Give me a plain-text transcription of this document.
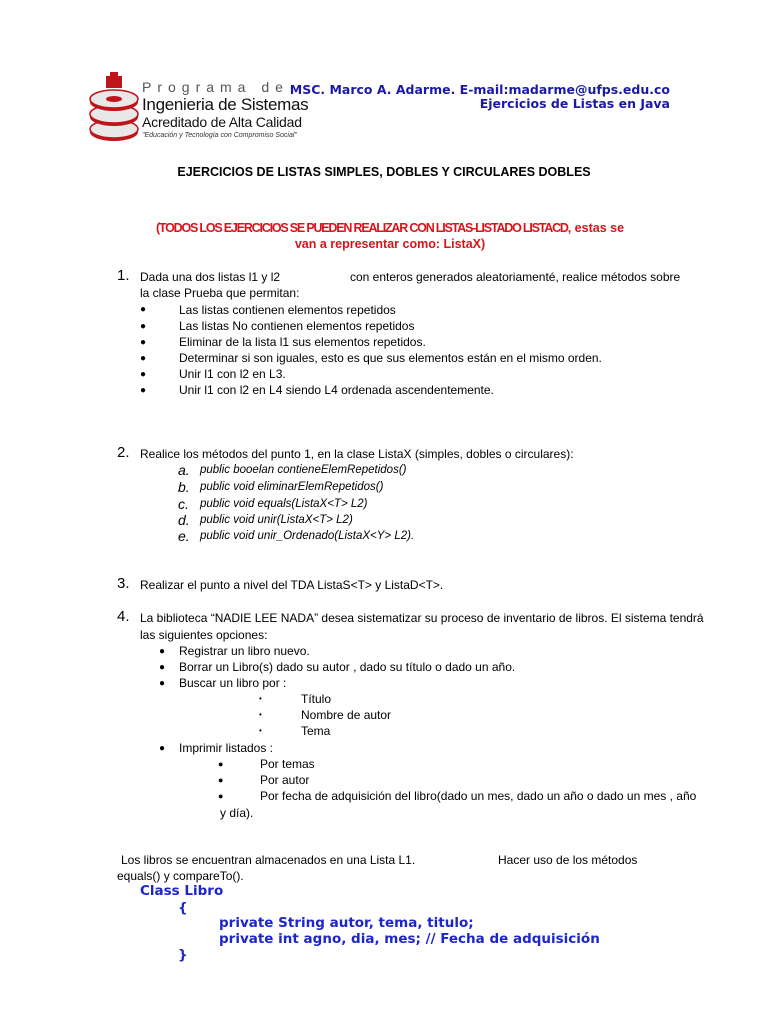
Programa de
Ingenieria de Sistemas
Acreditado de Alta Calidad
"Educación y Tecnología con Compromiso Social"
MSC. Marco A. Adarme. E-mail:madarme@ufps.edu.co
Ejercicios de Listas en Java
EJERCICIOS DE LISTAS SIMPLES, DOBLES Y CIRCULARES DOBLES
(TODOS LOS EJERCICIOS SE PUEDEN REALIZAR CON LISTAS-LISTADO LISTACD, estas se
van a representar como: ListaX)
1. Dada una dos listas l1 y l2	con enteros generados aleatoriamenté, realice métodos sobre
la clase Prueba que permitan:
●	Las listas contienen elementos repetidos
●	Las listas No contienen elementos repetidos
●	Eliminar de la lista l1 sus elementos repetidos.
●	Determinar si son iguales, esto es que sus elementos están en el mismo orden.
●	Unir l1 con l2 en L3.
●	Unir l1 con l2 en L4 siendo L4 ordenada ascendentemente.
2. Realice los métodos del punto 1, en la clase ListaX (simples, dobles o circulares):
a. public booelan contieneElemRepetidos()
b. public void eliminarElemRepetidos()
c. public void equals(ListaX<T> L2)
d. public void unir(ListaX<T> L2)
e. public void unir_Ordenado(ListaX<Y> L2).
3. Realizar el punto a nivel del TDA ListaS<T> y ListaD<T>.
4. La biblioteca “NADIE LEE NADA” desea sistematizar su proceso de inventario de libros. El sistema tendrá
las siguientes opciones:
● Registrar un libro nuevo.
● Borrar un Libro(s) dado su autor , dado su título o dado un año.
● Buscar un libro por :
•	Título
•	Nombre de autor
•	Tema
● Imprimir listados :
●	Por temas
●	Por autor
●	Por fecha de adquisición del libro(dado un mes, dado un año o dado un mes , año
y día).
Los libros se encuentran almacenados en una Lista L1.	Hacer uso de los métodos
equals() y compareTo().
Class Libro
{
private String autor, tema, titulo;
private int agno, dia, mes; // Fecha de adquisición
}
